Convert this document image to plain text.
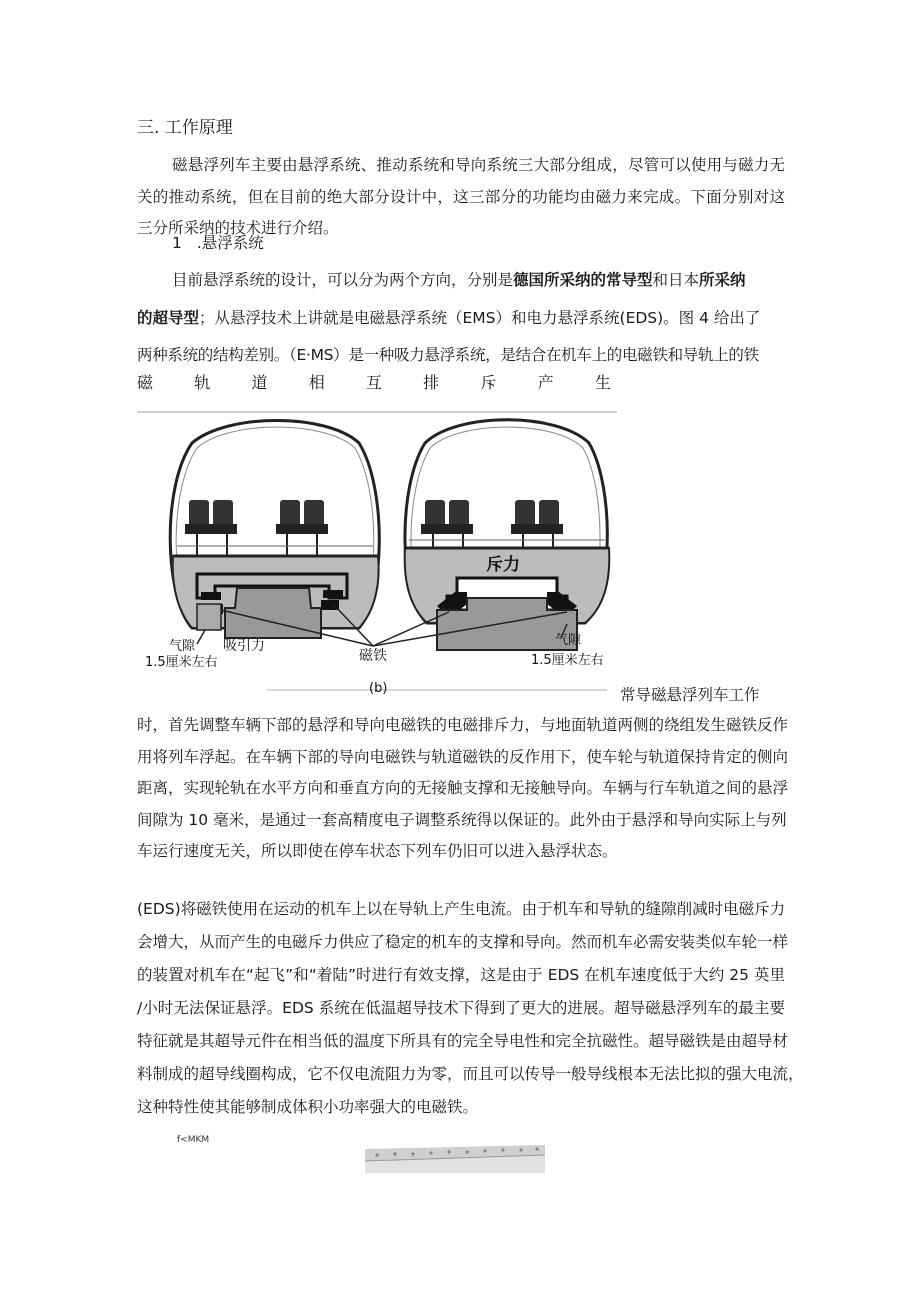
三. 工作原理
磁悬浮列车主要由悬浮系统、推动系统和导向系统三大部分组成，尽管可以使用与磁力无
关的推动系统，但在目前的绝大部分设计中，这三部分的功能均由磁力来完成。下面分别对这
三分所采纳的技术进行介绍。
1 .悬浮系统
目前悬浮系统的设计，可以分为两个方向，分别是德国所采纳的常导型和日本所采纳
的超导型；从悬浮技术上讲就是电磁悬浮系统（EMS）和电力悬浮系统(EDS)。图 4 给出了
两种系统的结构差别。（E·MS）是一种吸力悬浮系统，是结合在机车上的电磁铁和导轨上的铁
磁	轨	道	相	互	排	斥	产	生
斥力
吸引力
磁铁
气隙
1.5厘米左右
气隙
1.5厘米左右
(b)	常导磁悬浮列车工作
时，首先调整车辆下部的悬浮和导向电磁铁的电磁排斥力，与地面轨道两侧的绕组发生磁铁反作
用将列车浮起。在车辆下部的导向电磁铁与轨道磁铁的反作用下，使车轮与轨道保持肯定的侧向
距离，实现轮轨在水平方向和垂直方向的无接触支撑和无接触导向。车辆与行车轨道之间的悬浮
间隙为 10 毫米，是通过一套高精度电子调整系统得以保证的。此外由于悬浮和导向实际上与列
车运行速度无关，所以即使在停车状态下列车仍旧可以进入悬浮状态。
(EDS)将磁铁使用在运动的机车上以在导轨上产生电流。由于机车和导轨的缝隙削减时电磁斥力
会增大，从而产生的电磁斥力供应了稳定的机车的支撑和导向。然而机车必需安装类似车轮一样
的装置对机车在“起飞”和“着陆”时进行有效支撑，这是由于 EDS 在机车速度低于大约 25 英里
/小时无法保证悬浮。EDS 系统在低温超导技术下得到了更大的进展。超导磁悬浮列车的最主要
特征就是其超导元件在相当低的温度下所具有的完全导电性和完全抗磁性。超导磁铁是由超导材
料制成的超导线圈构成，它不仅电流阻力为零，而且可以传导一般导线根本无法比拟的强大电流，
这种特性使其能够制成体积小功率强大的电磁铁。
f<MKM
